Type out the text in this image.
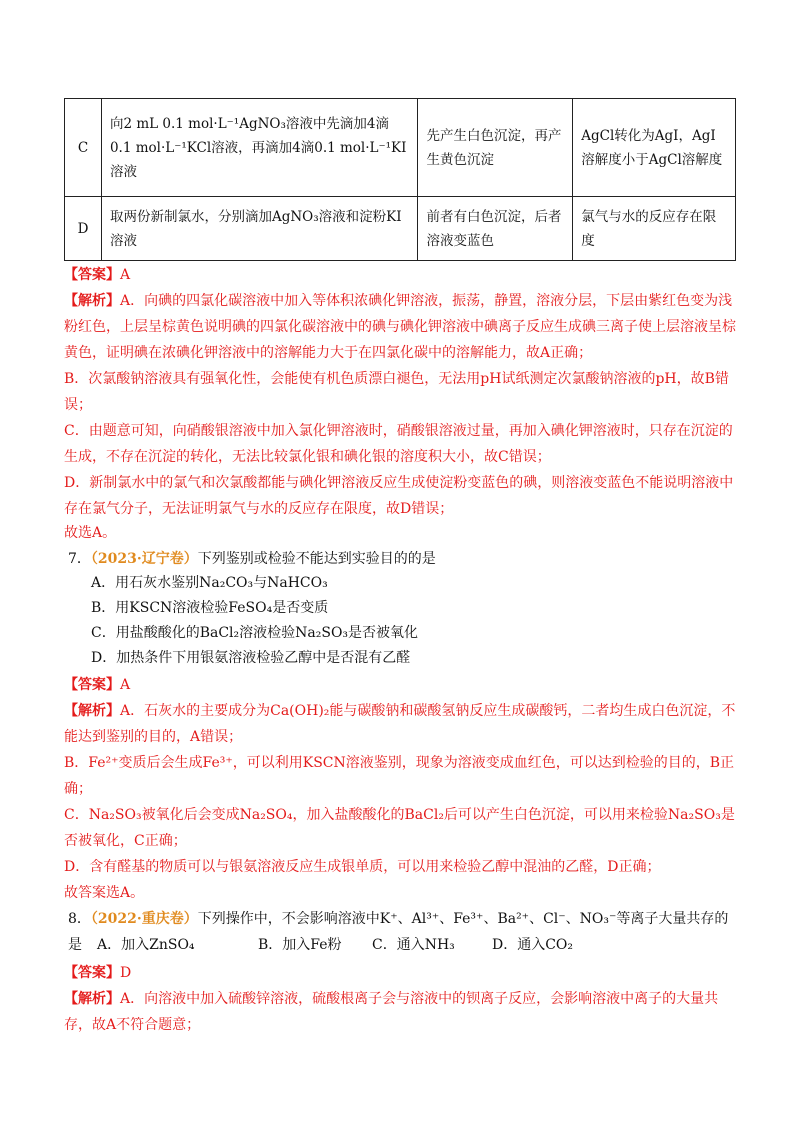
C	向2 mL 0.1 mol·L⁻¹AgNO₃溶液中先滴加4滴0.1 mol·L⁻¹KCl溶液，再滴加4滴0.1 mol·L⁻¹KI溶液	先产生白色沉淀，再产生黄色沉淀	AgCl转化为AgI，AgI溶解度小于AgCl溶解度
D	取两份新制氯水，分别滴加AgNO₃溶液和淀粉KI溶液	前者有白色沉淀，后者溶液变蓝色	氯气与水的反应存在限度
【答案】A
【解析】A．向碘的四氯化碳溶液中加入等体积浓碘化钾溶液，振荡，静置，溶液分层，下层由紫红色变为浅粉红色，上层呈棕黄色说明碘的四氯化碳溶液中的碘与碘化钾溶液中碘离子反应生成碘三离子使上层溶液呈棕黄色，证明碘在浓碘化钾溶液中的溶解能力大于在四氯化碳中的溶解能力，故A正确；
B．次氯酸钠溶液具有强氧化性，会能使有机色质漂白褪色，无法用pH试纸测定次氯酸钠溶液的pH，故B错误；
C．由题意可知，向硝酸银溶液中加入氯化钾溶液时，硝酸银溶液过量，再加入碘化钾溶液时，只存在沉淀的生成，不存在沉淀的转化，无法比较氯化银和碘化银的溶度积大小，故C错误；
D．新制氯水中的氯气和次氯酸都能与碘化钾溶液反应生成使淀粉变蓝色的碘，则溶液变蓝色不能说明溶液中存在氯气分子，无法证明氯气与水的反应存在限度，故D错误；
故选A。
7．（2023·辽宁卷）下列鉴别或检验不能达到实验目的的是
A．用石灰水鉴别Na₂CO₃与NaHCO₃
B．用KSCN溶液检验FeSO₄是否变质
C．用盐酸酸化的BaCl₂溶液检验Na₂SO₃是否被氧化
D．加热条件下用银氨溶液检验乙醇中是否混有乙醛
【答案】A
【解析】A．石灰水的主要成分为Ca(OH)₂能与碳酸钠和碳酸氢钠反应生成碳酸钙，二者均生成白色沉淀，不能达到鉴别的目的，A错误；
B．Fe²⁺变质后会生成Fe³⁺，可以利用KSCN溶液鉴别，现象为溶液变成血红色，可以达到检验的目的，B正确；
C．Na₂SO₃被氧化后会变成Na₂SO₄，加入盐酸酸化的BaCl₂后可以产生白色沉淀，可以用来检验Na₂SO₃是否被氧化，C正确；
D．含有醛基的物质可以与银氨溶液反应生成银单质，可以用来检验乙醇中混油的乙醛，D正确；
故答案选A。
8．（2022·重庆卷）下列操作中，不会影响溶液中K⁺、Al³⁺、Fe³⁺、Ba²⁺、Cl⁻、NO₃⁻等离子大量共存的是	A．加入ZnSO₄	B．加入Fe粉 C．通入NH₃	D．通入CO₂
【答案】D
【解析】A．向溶液中加入硫酸锌溶液，硫酸根离子会与溶液中的钡离子反应，会影响溶液中离子的大量共存，故A不符合题意；
